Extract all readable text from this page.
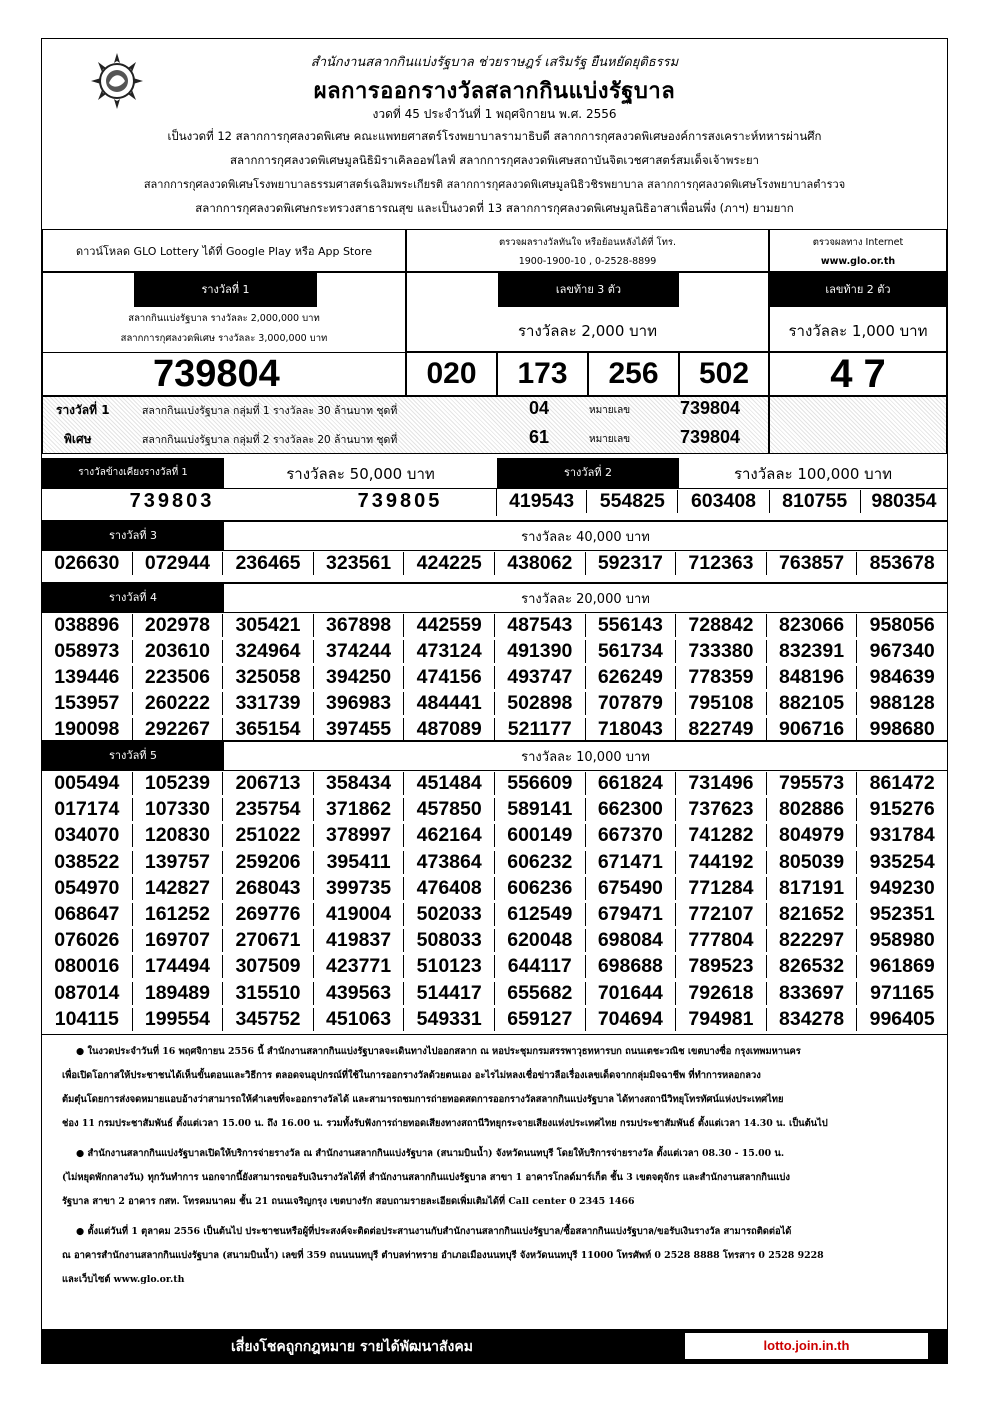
สำนักงานสลากกินแบ่งรัฐบาล ช่วยราษฎร์ เสริมรัฐ ยืนหยัดยุติธรรม
ผลการออกรางวัลสลากกินแบ่งรัฐบาล
งวดที่ 45 ประจำวันที่ 1 พฤศจิกายน พ.ศ. 2556
เป็นงวดที่ 12 สลากการกุศลงวดพิเศษ คณะแพทยศาสตร์โรงพยาบาลรามาธิบดี สลากการกุศลงวดพิเศษองค์การสงเคราะห์ทหารผ่านศึก
สลากการกุศลงวดพิเศษมูลนิธิมิราเคิลออฟไลฟ์ สลากการกุศลงวดพิเศษสถาบันจิตเวชศาสตร์สมเด็จเจ้าพระยา
สลากการกุศลงวดพิเศษโรงพยาบาลธรรมศาสตร์เฉลิมพระเกียรติ สลากการกุศลงวดพิเศษมูลนิธิวชิรพยาบาล สลากการกุศลงวดพิเศษโรงพยาบาลตำรวจ
สลากการกุศลงวดพิเศษกระทรวงสาธารณสุข และเป็นงวดที่ 13 สลากการกุศลงวดพิเศษมูลนิธิอาสาเพื่อนพึ่ง (ภาฯ) ยามยาก
ดาวน์โหลด GLO Lottery ได้ที่ Google Play หรือ App Store
ตรวจผลรางวัลทันใจ หรือย้อนหลังได้ที่ โทร.
1900-1900-10 , 0-2528-8899
ตรวจผลทาง Internet
www.glo.or.th
รางวัลที่ 1
สลากกินแบ่งรัฐบาล รางวัลละ 2,000,000 บาท
สลากการกุศลงวดพิเศษ รางวัลละ 3,000,000 บาท
เลขท้าย 3 ตัว
รางวัลละ 2,000 บาท
เลขท้าย 2 ตัว
รางวัลละ 1,000 บาท
739804	020	173	256	502	4 7
รางวัลที่ 1
พิเศษ
สลากกินแบ่งรัฐบาล กลุ่มที่ 1 รางวัลละ 30 ล้านบาท ชุดที่	04	หมายเลข	739804
สลากกินแบ่งรัฐบาล กลุ่มที่ 2 รางวัลละ 20 ล้านบาท ชุดที่	61	หมายเลข	739804
รางวัลข้างเคียงรางวัลที่ 1	รางวัลละ 50,000 บาท	รางวัลที่ 2	รางวัลละ 100,000 บาท
739803	739805	419543	554825	603408	810755	980354
รางวัลที่ 3	รางวัลละ 40,000 บาท
026630	072944	236465	323561	424225	438062	592317	712363	763857	853678
รางวัลที่ 4	รางวัลละ 20,000 บาท
038896	202978	305421	367898	442559	487543	556143	728842	823066	958056
058973	203610	324964	374244	473124	491390	561734	733380	832391	967340
139446	223506	325058	394250	474156	493747	626249	778359	848196	984639
153957	260222	331739	396983	484441	502898	707879	795108	882105	988128
190098	292267	365154	397455	487089	521177	718043	822749	906716	998680
รางวัลที่ 5	รางวัลละ 10,000 บาท
005494	105239	206713	358434	451484	556609	661824	731496	795573	861472
017174	107330	235754	371862	457850	589141	662300	737623	802886	915276
034070	120830	251022	378997	462164	600149	667370	741282	804979	931784
038522	139757	259206	395411	473864	606232	671471	744192	805039	935254
054970	142827	268043	399735	476408	606236	675490	771284	817191	949230
068647	161252	269776	419004	502033	612549	679471	772107	821652	952351
076026	169707	270671	419837	508033	620048	698084	777804	822297	958980
080016	174494	307509	423771	510123	644117	698688	789523	826532	961869
087014	189489	315510	439563	514417	655682	701644	792618	833697	971165
104115	199554	345752	451063	549331	659127	704694	794981	834278	996405
● ในงวดประจำวันที่ 16 พฤศจิกายน 2556 นี้ สำนักงานสลากกินแบ่งรัฐบาลจะเดินทางไปออกสลาก ณ หอประชุมกรมสรรพาวุธทหารบก ถนนเตชะวณิช เขตบางซื่อ กรุงเทพมหานคร
เพื่อเปิดโอกาสให้ประชาชนได้เห็นขั้นตอนและวิธีการ ตลอดจนอุปกรณ์ที่ใช้ในการออกรางวัลด้วยตนเอง อะไรไม่หลงเชื่อข่าวลือเรื่องเลขเด็ดจากกลุ่มมิจฉาชีพ ที่ทำการหลอกลวง
ต้มตุ๋นโดยการส่งจดหมายแอบอ้างว่าสามารถให้คำเลขที่จะออกรางวัลได้ และสามารถชมการถ่ายทอดสดการออกรางวัลสลากกินแบ่งรัฐบาล ได้ทางสถานีวิทยุโทรทัศน์แห่งประเทศไทย
ช่อง 11 กรมประชาสัมพันธ์ ตั้งแต่เวลา 15.00 น. ถึง 16.00 น. รวมทั้งรับฟังการถ่ายทอดเสียงทางสถานีวิทยุกระจายเสียงแห่งประเทศไทย กรมประชาสัมพันธ์ ตั้งแต่เวลา 14.30 น. เป็นต้นไป
● สำนักงานสลากกินแบ่งรัฐบาลเปิดให้บริการจ่ายรางวัล ณ สำนักงานสลากกินแบ่งรัฐบาล (สนามบินน้ำ) จังหวัดนนทบุรี โดยให้บริการจ่ายรางวัล ตั้งแต่เวลา 08.30 - 15.00 น.
(ไม่หยุดพักกลางวัน) ทุกวันทำการ นอกจากนี้ยังสามารถขอรับเงินรางวัลได้ที่ สำนักงานสลากกินแบ่งรัฐบาล สาขา 1 อาคารโกลด์มาร์เก็ต ชั้น 3 เขตจตุจักร และสำนักงานสลากกินแบ่ง
รัฐบาล สาขา 2 อาคาร กสท. โทรคมนาคม ชั้น 21 ถนนเจริญกรุง เขตบางรัก สอบถามรายละเอียดเพิ่มเติมได้ที่ Call center 0 2345 1466
● ตั้งแต่วันที่ 1 ตุลาคม 2556 เป็นต้นไป ประชาชนหรือผู้ที่ประสงค์จะติดต่อประสานงานกับสำนักงานสลากกินแบ่งรัฐบาล/ซื้อสลากกินแบ่งรัฐบาล/ขอรับเงินรางวัล สามารถติดต่อได้
ณ อาคารสำนักงานสลากกินแบ่งรัฐบาล (สนามบินน้ำ) เลขที่ 359 ถนนนนทบุรี ตำบลท่าทราย อำเภอเมืองนนทบุรี จังหวัดนนทบุรี 11000 โทรศัพท์ 0 2528 8888 โทรสาร 0 2528 9228
และเว็บไซต์ www.glo.or.th
เสี่ยงโชคถูกกฎหมาย รายได้พัฒนาสังคม	lotto.join.in.th
